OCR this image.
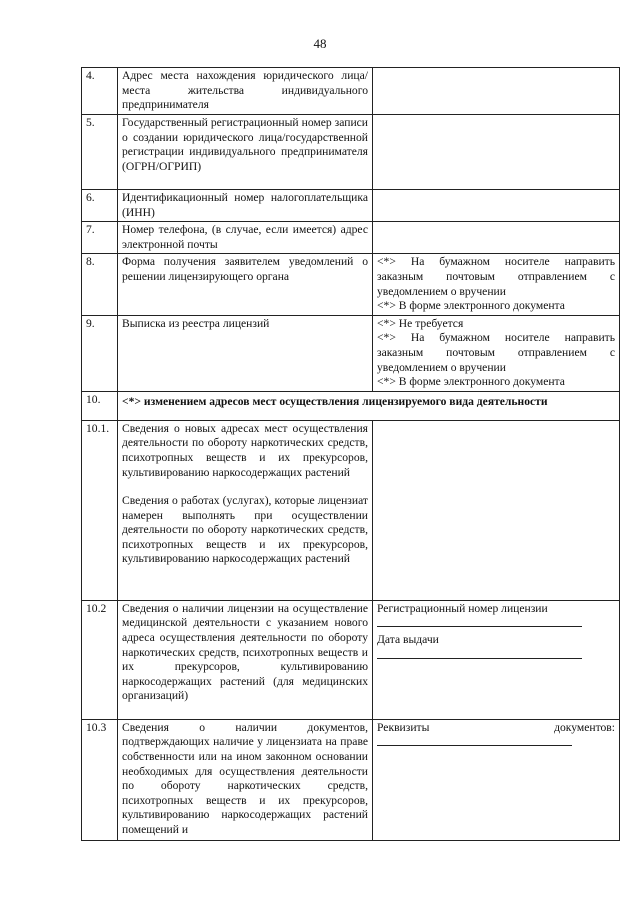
48
4.	Адрес места нахождения юридического лица/места жительства индивидуального предпринимателя	
5.	Государственный регистрационный номер записи о создании юридического лица/государственной регистрации индивидуального предпринимателя (ОГРН/ОГРИП)	
6.	Идентификационный номер налогоплательщика (ИНН)	
7.	Номер телефона, (в случае, если имеется) адрес электронной почты	
8.	Форма получения заявителем уведомлений о решении лицензирующего органа	<*> На бумажном носителе направить заказным почтовым отправлением с уведомлением о вручении
<*> В форме электронного документа

9.	Выписка из реестра лицензий	<*> Не требуется
<*> На бумажном носителе направить заказным почтовым отправлением с уведомлением о вручении
<*> В форме электронного документа

10.	<*> изменением адресов мест осуществления лицензируемого вида деятельности	
10.1.	Сведения о новых адресах мест осуществления деятельности по обороту наркотических средств, психотропных веществ и их прекурсоров, культивированию наркосодержащих растений
Сведения о работах (услугах), которые лицензиат намерен выполнять при осуществлении деятельности по обороту наркотических средств, психотропных веществ и их прекурсоров, культивированию наркосодержащих растений	

10.2	Сведения о наличии лицензии на осуществление медицинской деятельности с указанием нового адреса осуществления деятельности по обороту наркотических средств, психотропных веществ и их прекурсоров, культивированию наркосодержащих растений (для медицинских организаций)	Регистрационный номер лицензии
Дата выдачи

10.3	Сведения о наличии документов, подтверждающих наличие у лицензиата на праве собственности или на ином законном основании необходимых для осуществления деятельности по обороту наркотических средств, психотропных веществ и их прекурсоров, культивированию наркосодержащих растений помещений и	Реквизиты документов:
